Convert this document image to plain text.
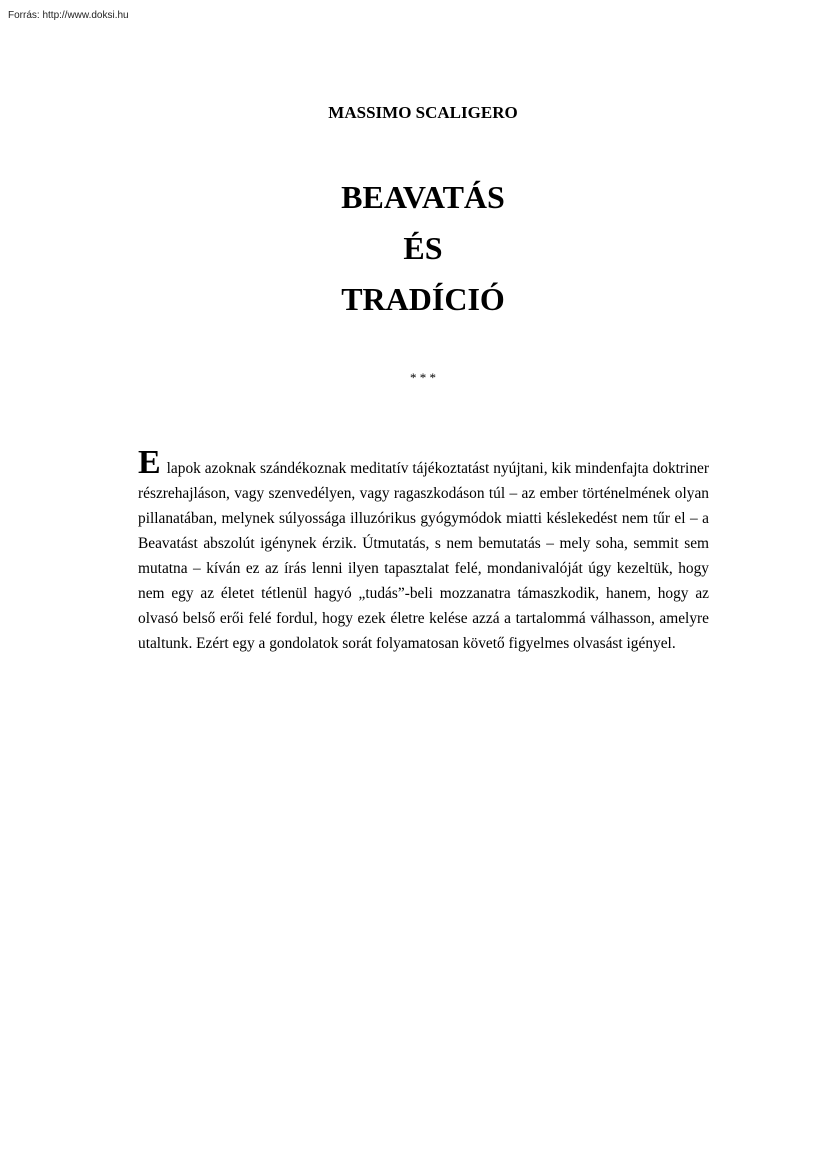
Forrás: http://www.doksi.hu
MASSIMO SCALIGERO
BEAVATÁS
ÉS
TRADÍCIÓ
* * *

E lapok azoknak szándékoznak meditatív tájékoztatást nyújtani, kik mindenfajta doktriner részrehajláson, vagy szenvedélyen, vagy ragaszkodáson túl – az ember történelmének olyan pillanatában, melynek súlyossága illuzórikus gyógymódok miatti késlekedést nem tűr el – a Beavatást abszolút igénynek érzik. Útmutatás, s nem bemutatás – mely soha, semmit sem mutatna – kíván ez az írás lenni ilyen tapasztalat felé, mondanivalóját úgy kezeltük, hogy nem egy az életet tétlenül hagyó „tudás”-beli mozzanatra támaszkodik, hanem, hogy az olvasó belső erői felé fordul, hogy ezek életre kelése azzá a tartalommá válhasson, amelyre utaltunk. Ezért egy a gondolatok sorát folyamatosan követő figyelmes olvasást igényel.
